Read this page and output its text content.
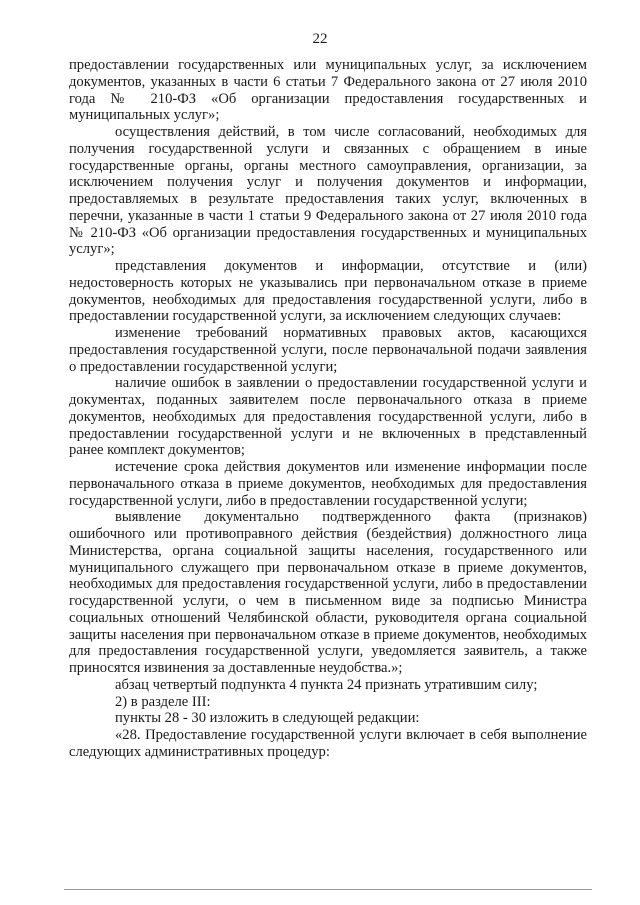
22

предоставлении государственных или муниципальных услуг, за исключением документов, указанных в части 6 статьи 7 Федерального закона от 27 июля 2010 года № 210-ФЗ «Об организации предоставления государственных и муниципальных услуг»;

осуществления действий, в том числе согласований, необходимых для получения государственной услуги и связанных с обращением в иные государственные органы, органы местного самоуправления, организации, за исключением получения услуг и получения документов и информации, предоставляемых в результате предоставления таких услуг, включенных в перечни, указанные в части 1 статьи 9 Федерального закона от 27 июля 2010 года № 210-ФЗ «Об организации предоставления государственных и муниципальных услуг»;

представления документов и информации, отсутствие и (или) недостоверность которых не указывались при первоначальном отказе в приеме документов, необходимых для предоставления государственной услуги, либо в предоставлении государственной услуги, за исключением следующих случаев:

изменение требований нормативных правовых актов, касающихся предоставления государственной услуги, после первоначальной подачи заявления о предоставлении государственной услуги;

наличие ошибок в заявлении о предоставлении государственной услуги и документах, поданных заявителем после первоначального отказа в приеме документов, необходимых для предоставления государственной услуги, либо в предоставлении государственной услуги и не включенных в представленный ранее комплект документов;

истечение срока действия документов или изменение информации после первоначального отказа в приеме документов, необходимых для предоставления государственной услуги, либо в предоставлении государственной услуги;

выявление документально подтвержденного факта (признаков) ошибочного или противоправного действия (бездействия) должностного лица Министерства, органа социальной защиты населения, государственного или муниципального служащего при первоначальном отказе в приеме документов, необходимых для предоставления государственной услуги, либо в предоставлении государственной услуги, о чем в письменном виде за подписью Министра социальных отношений Челябинской области, руководителя органа социальной защиты населения при первоначальном отказе в приеме документов, необходимых для предоставления государственной услуги, уведомляется заявитель, а также приносятся извинения за доставленные неудобства.»;

абзац четвертый подпункта 4 пункта 24 признать утратившим силу;

2) в разделе III:

пункты 28 - 30 изложить в следующей редакции:

«28. Предоставление государственной услуги включает в себя выполнение следующих административных процедур:
